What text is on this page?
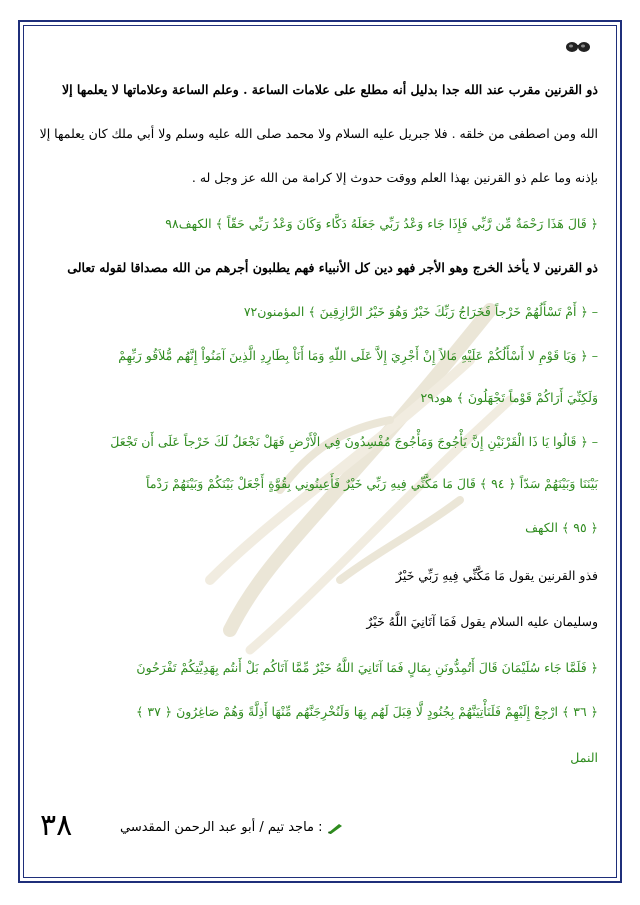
ذو القرنين مقرب عند الله جدا بدليل أنه مطلع على علامات الساعة . وعلم الساعة وعلاماتها لا يعلمها إلا
الله ومن اصطفى من خلقه . فلا جبريل عليه السلام ولا محمد صلى الله عليه وسلم ولا أبي ملك كان يعلمها إلا
بإذنه وما علم ذو القرنين بهذا العلم ووقت حدوث إلا كرامة من الله عز وجل له .
﴿ قَالَ هَذَا رَحْمَةٌ مِّن رَّبِّي فَإِذَا جَاء وَعْدُ رَبِّي جَعَلَهُ دَكَّاء وَكَانَ وَعْدُ رَبِّي حَقّاً ﴾ الكهف٩٨
ذو القرنين لا يأخذ الخرج وهو الأجر فهو دين كل الأنبياء فهم يطلبون أجرهم من الله مصداقا لقوله تعالى
– ﴿ أَمْ تَسْأَلُهُمْ خَرْجاً فَخَرَاجُ رَبِّكَ خَيْرٌ وَهُوَ خَيْرُ الرَّازِقِينَ ﴾ المؤمنون٧٢
– ﴿ وَيَا قَوْمِ لا أَسْأَلُكُمْ عَلَيْهِ مَالاً إِنْ أَجْرِيَ إِلاَّ عَلَى اللّهِ وَمَا أَنَاْ بِطَارِدِ الَّذِينَ آمَنُواْ إِنَّهُم مُّلاَقُو رَبِّهِمْ
وَلَكِنِّيَ أَرَاكُمْ قَوْماً تَجْهَلُونَ ﴾ هود٢٩
– ﴿ قَالُوا يَا ذَا الْقَرْنَيْنِ إِنَّ يَأْجُوجَ وَمَأْجُوجَ مُفْسِدُونَ فِي الْأَرْضِ فَهَلْ نَجْعَلُ لَكَ خَرْجاً عَلَى أَن تَجْعَلَ
بَيْنَنَا وَبَيْنَهُمْ سَدّاً ﴿ ٩٤ ﴾ قَالَ مَا مَكَّنِّي فِيهِ رَبِّي خَيْرٌ فَأَعِينُونِي بِقُوَّةٍ أَجْعَلْ بَيْنَكُمْ وَبَيْنَهُمْ رَدْماً
﴿ ٩٥ ﴾ الكهف
فذو القرنين يقول مَا مَكَّنِّي فِيهِ رَبِّي خَيْرٌ
وسليمان عليه السلام يقول فَمَا آتَانِيَ اللَّهُ خَيْرٌ
﴿ فَلَمَّا جَاء سُلَيْمَانَ قَالَ أَتُمِدُّونَنِ بِمَالٍ فَمَا آتَانِيَ اللَّهُ خَيْرٌ مِّمَّا آتَاكُم بَلْ أَنتُم بِهَدِيَّتِكُمْ تَفْرَحُونَ
﴿ ٣٦ ﴾ ارْجِعْ إِلَيْهِمْ فَلَنَأْتِيَنَّهُمْ بِجُنُودٍ لَّا قِبَلَ لَهُم بِهَا وَلَنُخْرِجَنَّهُم مِّنْهَا أَذِلَّةً وَهُمْ صَاغِرُونَ ﴿ ٣٧ ﴾
النمل
٣٨	: ماجد تيم / أبو عبد الرحمن المقدسي
